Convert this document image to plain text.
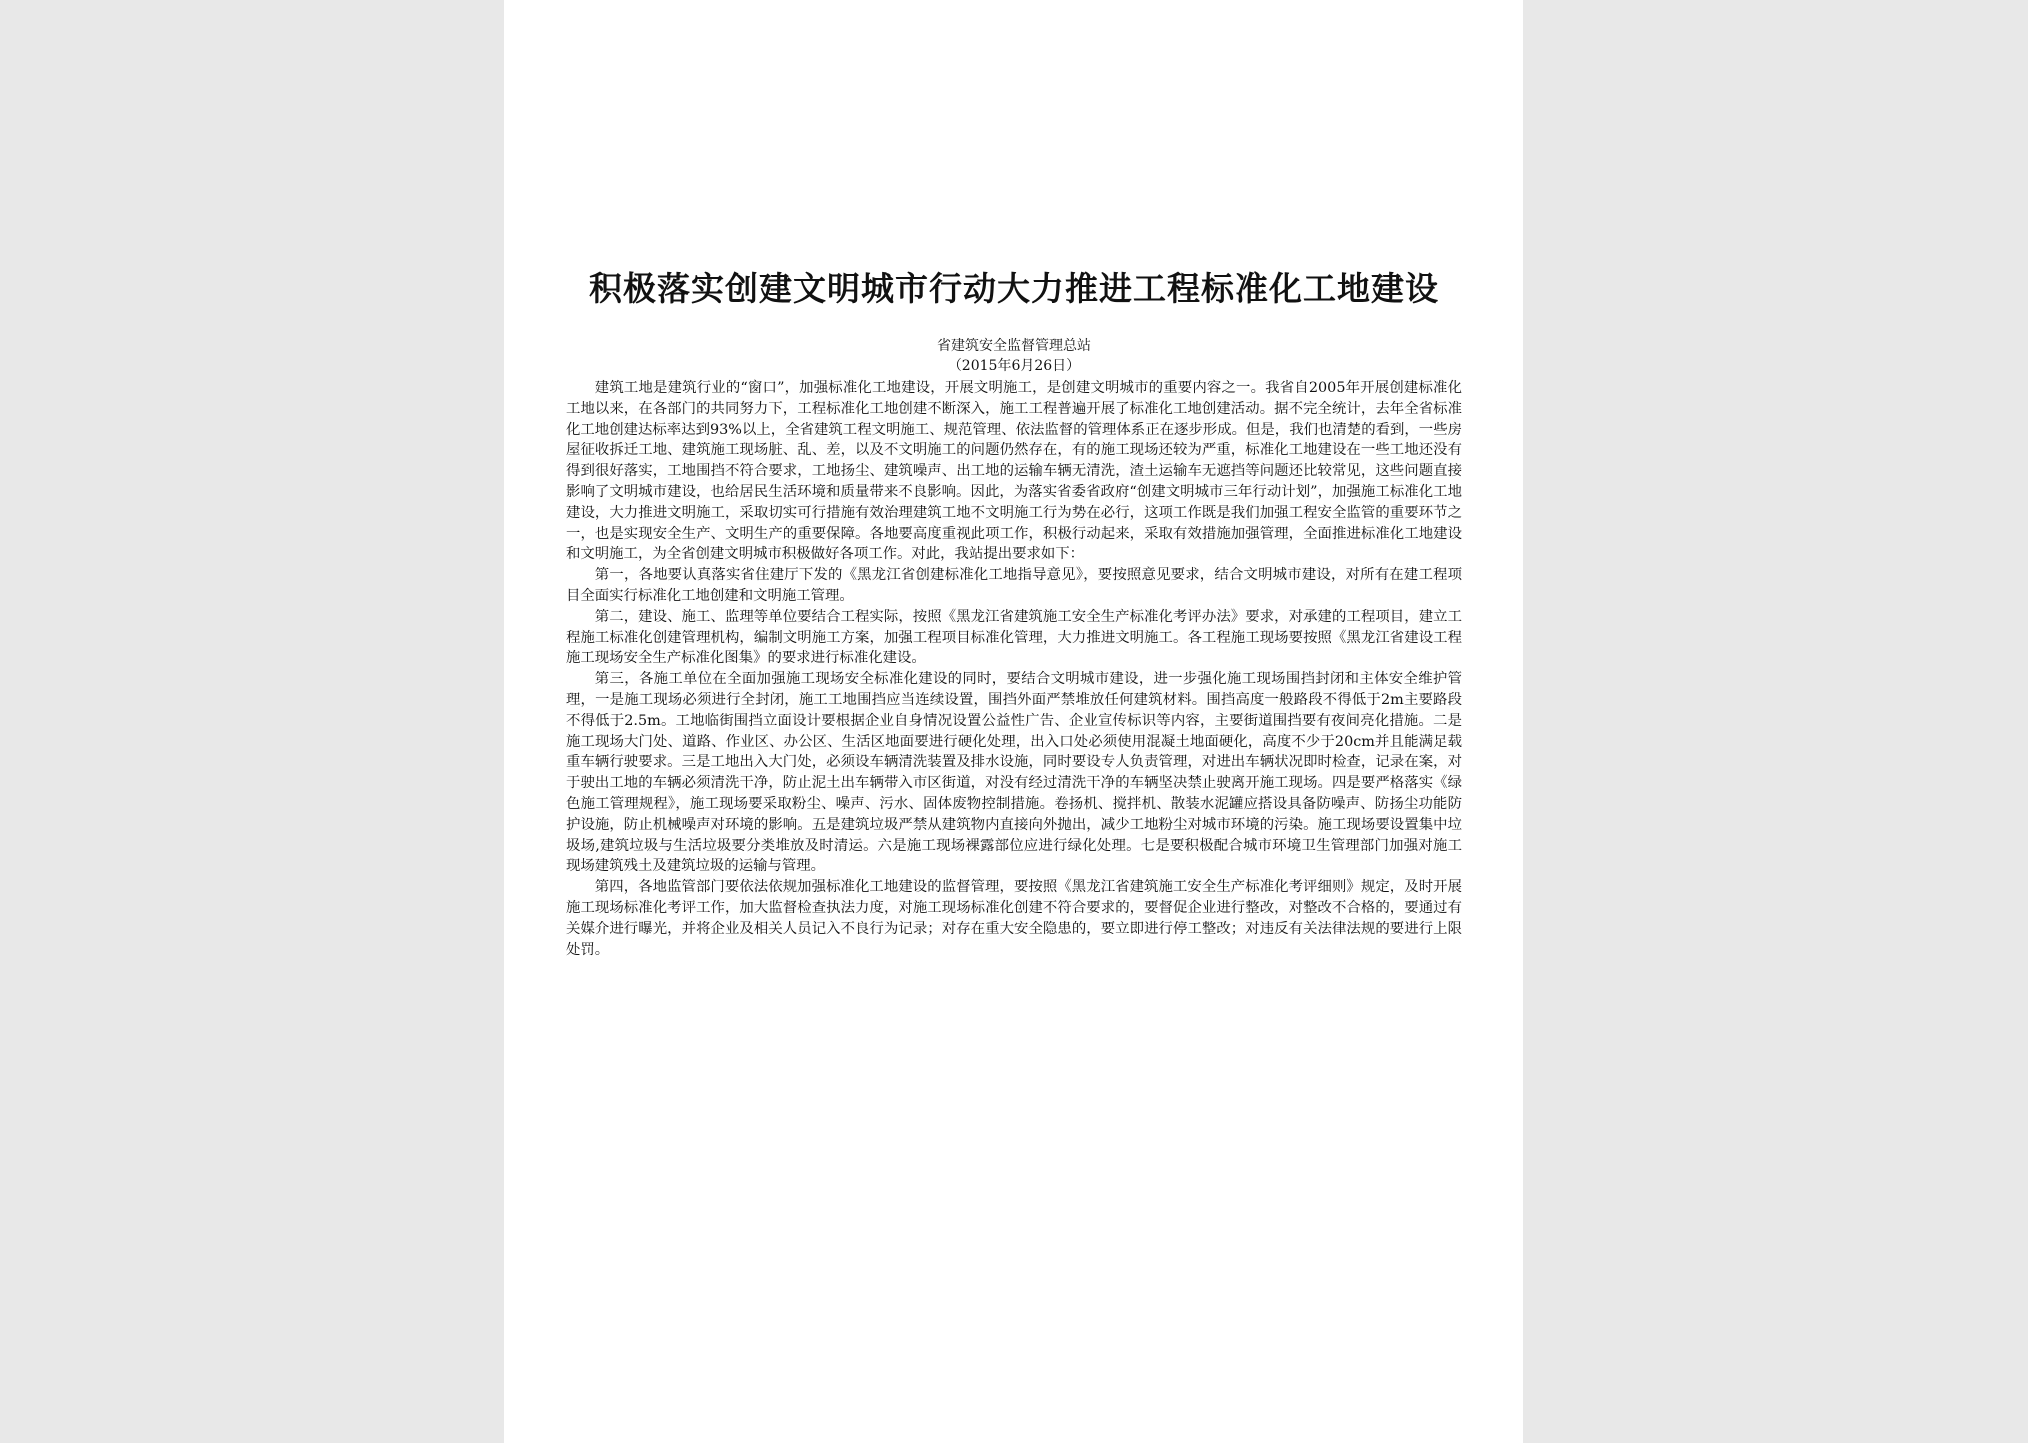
积极落实创建文明城市行动大力推进工程标准化工地建设
省建筑安全监督管理总站
（2015年6月26日）

建筑工地是建筑行业的“窗口”，加强标准化工地建设，开展文明施工，是创建文明城市的重要内容之一。我省自2005年开展创建标准化工地以来，在各部门的共同努力下，工程标准化工地创建不断深入，施工工程普遍开展了标准化工地创建活动。据不完全统计，去年全省标准化工地创建达标率达到93%以上，全省建筑工程文明施工、规范管理、依法监督的管理体系正在逐步形成。但是，我们也清楚的看到，一些房屋征收拆迁工地、建筑施工现场脏、乱、差，以及不文明施工的问题仍然存在，有的施工现场还较为严重，标准化工地建设在一些工地还没有得到很好落实，工地围挡不符合要求，工地扬尘、建筑噪声、出工地的运输车辆无清洗，渣土运输车无遮挡等问题还比较常见，这些问题直接影响了文明城市建设，也给居民生活环境和质量带来不良影响。因此，为落实省委省政府“创建文明城市三年行动计划”，加强施工标准化工地建设，大力推进文明施工，采取切实可行措施有效治理建筑工地不文明施工行为势在必行，这项工作既是我们加强工程安全监管的重要环节之一，也是实现安全生产、文明生产的重要保障。各地要高度重视此项工作，积极行动起来，采取有效措施加强管理，全面推进标准化工地建设和文明施工，为全省创建文明城市积极做好各项工作。对此，我站提出要求如下：

第一，各地要认真落实省住建厅下发的《黑龙江省创建标准化工地指导意见》，要按照意见要求，结合文明城市建设，对所有在建工程项目全面实行标准化工地创建和文明施工管理。

第二，建设、施工、监理等单位要结合工程实际，按照《黑龙江省建筑施工安全生产标准化考评办法》要求，对承建的工程项目，建立工程施工标准化创建管理机构，编制文明施工方案，加强工程项目标准化管理，大力推进文明施工。各工程施工现场要按照《黑龙江省建设工程施工现场安全生产标准化图集》的要求进行标准化建设。

第三，各施工单位在全面加强施工现场安全标准化建设的同时，要结合文明城市建设，进一步强化施工现场围挡封闭和主体安全维护管理，一是施工现场必须进行全封闭，施工工地围挡应当连续设置，围挡外面严禁堆放任何建筑材料。围挡高度一般路段不得低于2m主要路段不得低于2.5m。工地临街围挡立面设计要根据企业自身情况设置公益性广告、企业宣传标识等内容，主要街道围挡要有夜间亮化措施。二是施工现场大门处、道路、作业区、办公区、生活区地面要进行硬化处理，出入口处必须使用混凝土地面硬化，高度不少于20cm并且能满足载重车辆行驶要求。三是工地出入大门处，必须设车辆清洗装置及排水设施，同时要设专人负责管理，对进出车辆状况即时检查，记录在案，对于驶出工地的车辆必须清洗干净，防止泥土出车辆带入市区街道，对没有经过清洗干净的车辆坚决禁止驶离开施工现场。四是要严格落实《绿色施工管理规程》，施工现场要采取粉尘、噪声、污水、固体废物控制措施。卷扬机、搅拌机、散装水泥罐应搭设具备防噪声、防扬尘功能防护设施，防止机械噪声对环境的影响。五是建筑垃圾严禁从建筑物内直接向外抛出，减少工地粉尘对城市环境的污染。施工现场要设置集中垃圾场,建筑垃圾与生活垃圾要分类堆放及时清运。六是施工现场裸露部位应进行绿化处理。七是要积极配合城市环境卫生管理部门加强对施工现场建筑残土及建筑垃圾的运输与管理。

第四，各地监管部门要依法依规加强标准化工地建设的监督管理，要按照《黑龙江省建筑施工安全生产标准化考评细则》规定，及时开展施工现场标准化考评工作，加大监督检查执法力度，对施工现场标准化创建不符合要求的，要督促企业进行整改，对整改不合格的，要通过有关媒介进行曝光，并将企业及相关人员记入不良行为记录；对存在重大安全隐患的，要立即进行停工整改；对违反有关法律法规的要进行上限处罚。
